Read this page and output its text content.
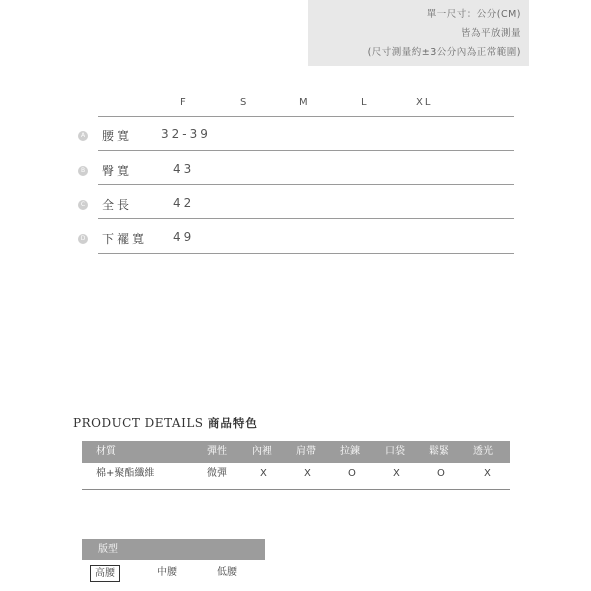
單一尺寸：公分(CM)
皆為平放測量
(尺寸測量約±3公分內為正常範圍)
F	S	M	L	XL
A 腰寬 32-39
B 臀寬	43
C 全長	42
D 下襬寬 49
PRODUCT DETAILS 商品特色
材質	彈性	內裡 肩帶 拉鍊	口袋 鬆緊 透光
棉+聚酯纖維	微彈	X	X	O	X	O	X
版型
高腰	中腰	低腰
